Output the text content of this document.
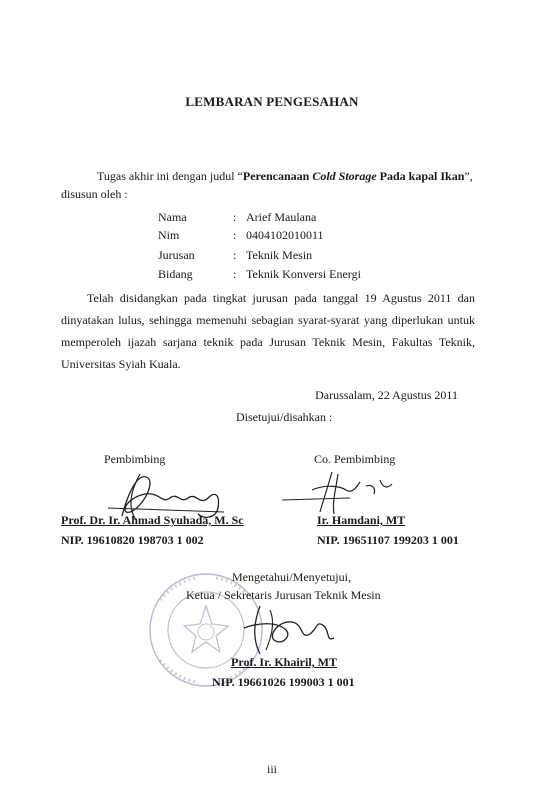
LEMBARAN PENGESAHAN
Tugas akhir ini dengan judul “Perencanaan Cold Storage Pada kapal Ikan”,
disusun oleh :
Nama	: Arief Maulana
Nim	: 0404102010011
Jurusan	: Teknik Mesin
Bidang	: Teknik Konversi Energi
Telah disidangkan pada tingkat jurusan pada tanggal 19 Agustus 2011 dan dinyatakan lulus, sehingga memenuhi sebagian syarat-syarat yang diperlukan untuk memperoleh ijazah sarjana teknik pada Jurusan Teknik Mesin, Fakultas Teknik, Universitas Syiah Kuala.
Darussalam, 22 Agustus 2011
Disetujui/disahkan :
Pembimbing
Prof. Dr. Ir. Ahmad Syuhada, M. Sc
NIP. 19610820 198703 1 002
Co. Pembimbing
Ir. Hamdani, MT
NIP. 19651107 199203 1 001
Mengetahui/Menyetujui,
Ketua / Sekretaris Jurusan Teknik Mesin
Prof. Ir. Khairil, MT
NIP. 19661026 199003 1 001
iii
